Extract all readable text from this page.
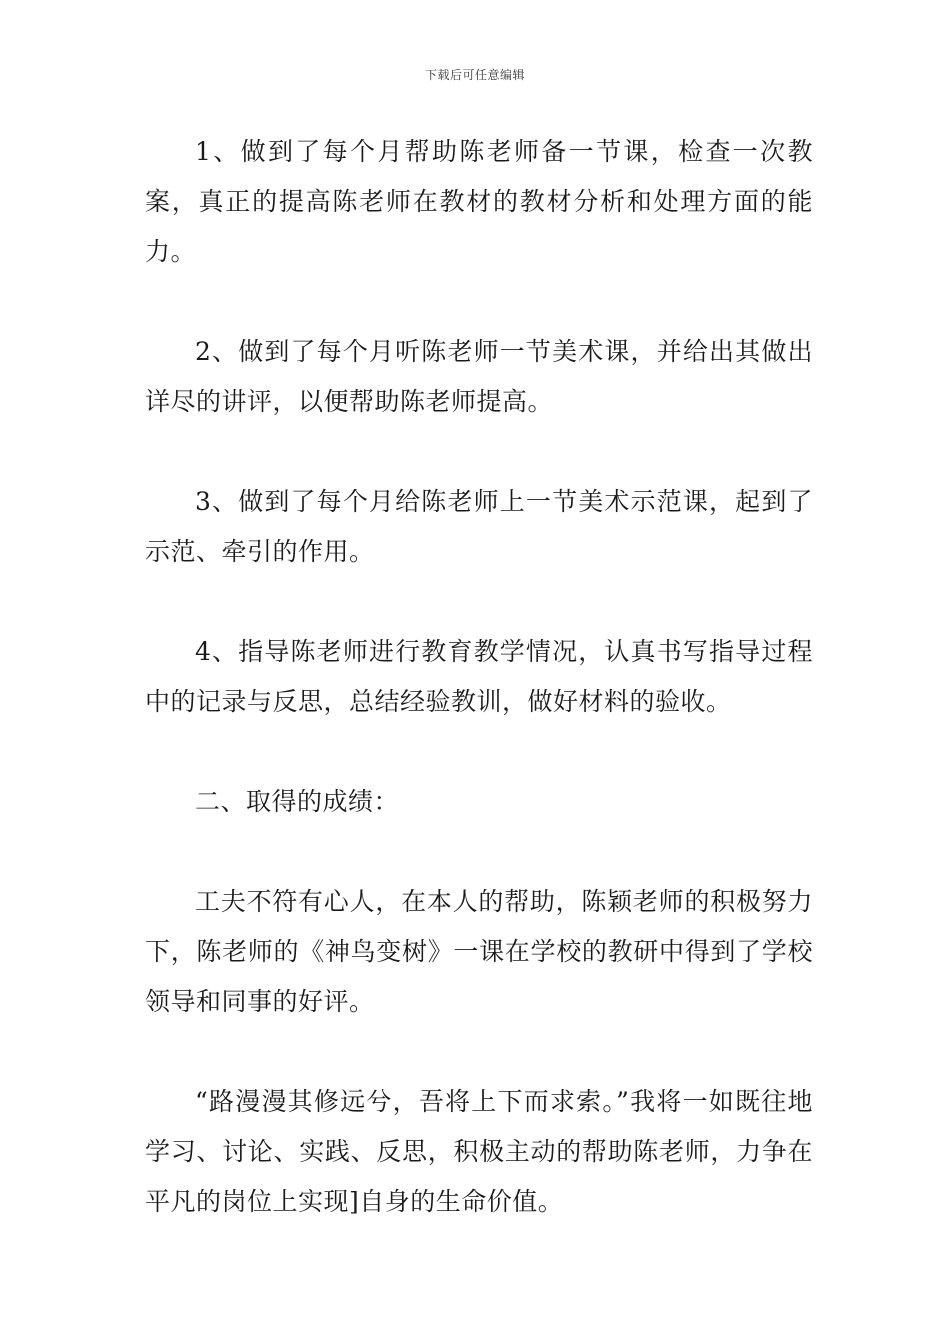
下载后可任意编辑

1、做到了每个月帮助陈老师备一节课，检查一次教案，真正的提高陈老师在教材的教材分析和处理方面的能力。

2、做到了每个月听陈老师一节美术课，并给出其做出详尽的讲评，以便帮助陈老师提高。

3、做到了每个月给陈老师上一节美术示范课，起到了示范、牵引的作用。

4、指导陈老师进行教育教学情况，认真书写指导过程中的记录与反思，总结经验教训，做好材料的验收。

二、取得的成绩：

工夫不符有心人，在本人的帮助，陈颖老师的积极努力下，陈老师的《神鸟变树》一课在学校的教研中得到了学校领导和同事的好评。

“路漫漫其修远兮，吾将上下而求索。”我将一如既往地学习、讨论、实践、反思，积极主动的帮助陈老师，力争在平凡的岗位上实现]自身的生命价值。
